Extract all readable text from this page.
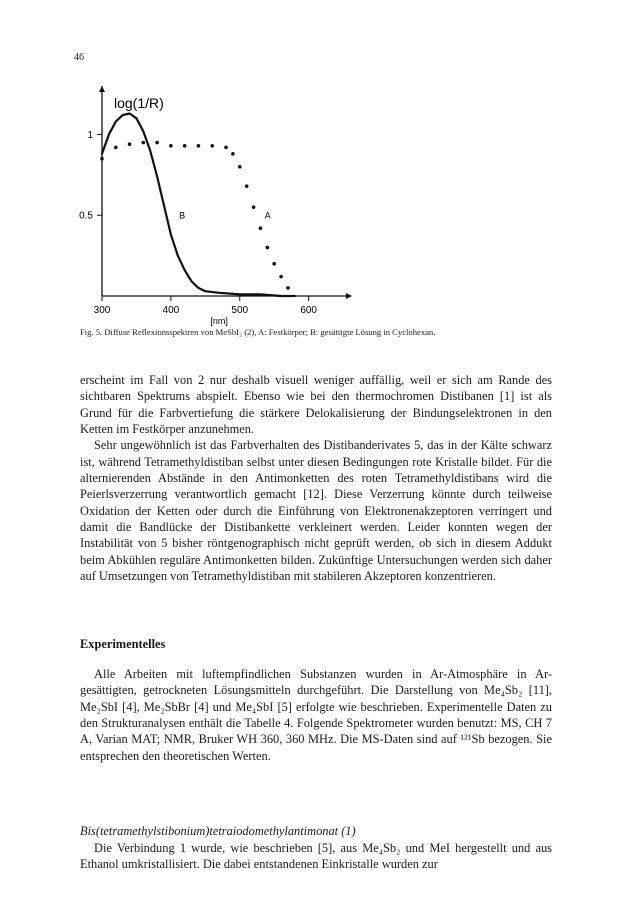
46
300	400	500	600
1
0.5
[nm]
log(1/R)
A
B
Fig. 5. Diffuse Reflexionsspektren von MeSbI₂ (2), A: Festkörper; B: gesättigte Lösung in Cyclohexan.

erscheint im Fall von 2 nur deshalb visuell weniger auffällig, weil er sich am Rande des sichtbaren Spektrums abspielt. Ebenso wie bei den thermochromen Distibanen [1] ist als Grund für die Farbvertiefung die stärkere Delokalisierung der Bindungselektronen in den Ketten im Festkörper anzunehmen.

Sehr ungewöhnlich ist das Farbverhalten des Distibanderivates 5, das in der Kälte schwarz ist, während Tetramethyldistiban selbst unter diesen Bedingungen rote Kristalle bildet. Für die alternierenden Abstände in den Antimonketten des roten Tetramethyldistibans wird die Peierlsverzerrung verantwortlich gemacht [12]. Diese Verzerrung könnte durch teilweise Oxidation der Ketten oder durch die Einführung von Elektronenakzeptoren verringert und damit die Bandlücke der Distibankette verkleinert werden. Leider konnten wegen der Instabilität von 5 bisher röntgenographisch nicht geprüft werden, ob sich in diesem Addukt beim Abkühlen reguläre Antimonketten bilden. Zukünftige Untersuchungen werden sich daher auf Umsetzungen von Tetramethyldistiban mit stabileren Akzeptoren konzentrieren.

Experimentelles

Alle Arbeiten mit luftempfindlichen Substanzen wurden in Ar-Atmosphäre in Ar-gesättigten, getrockneten Lösungsmitteln durchgeführt. Die Darstellung von Me₄Sb₂ [11], Me₂SbI [4], Me₂SbBr [4] und Me₄SbI [5] erfolgte wie beschrieben. Experimentelle Daten zu den Strukturanalysen enthält die Tabelle 4. Folgende Spektrometer wurden benutzt: MS, CH 7 A, Varian MAT; NMR, Bruker WH 360, 360 MHz. Die MS-Daten sind auf ¹²¹Sb bezogen. Sie entsprechen den theoretischen Werten.

Bis(tetramethylstibonium)tetraiodomethylantimonat (1)

Die Verbindung 1 wurde, wie beschrieben [5], aus Me₄Sb₂ und MeI hergestellt und aus Ethanol umkristallisiert. Die dabei entstandenen Einkristalle wurden zur
